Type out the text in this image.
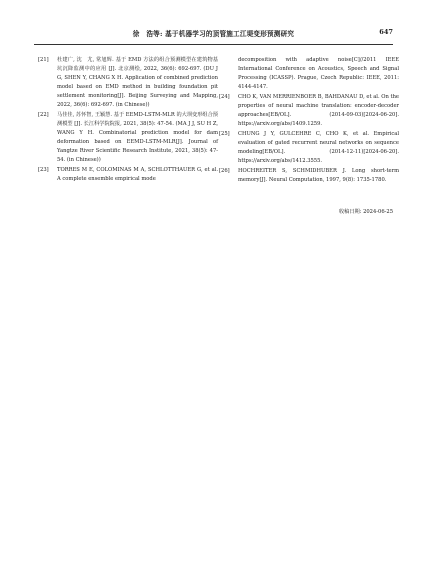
徐　浩等: 基于机器学习的顶管施工江堤变形预测研究	647
[21]	杜建广, 沈　尤, 常旭辉. 基于 EMD 方法的组合预测模型在建筑物基坑沉降监测中的应用 [J]. 北京测绘, 2022, 36(6): 692-697. (DU J G, SHEN Y, CHANG X H. Application of combined prediction model based on EMD method in building foundation pit settlement monitoring[J]. Beijing Surveying and Mapping, 2022, 36(6): 692-697. (in Chinese))
[22]	马佳佳, 苏怀智, 王颖慧. 基于 EEMD-LSTM-MLR 的大坝变形组合预测模型 [J]. 长江科学院院报, 2021, 38(5): 47-54. (MA J J, SU H Z, WANG Y H. Combinatorial prediction model for dam deformation based on EEMD-LSTM-MLR[J]. Journal of Yangtze River Scientific Research Institute, 2021, 38(5): 47-54. (in Chinese))
[23]	TORRES M E, COLOMINAS M A, SCHLOTTHAUER G, et al. A complete ensemble empirical mode
decomposition with adaptive noise[C]//2011 IEEE International Conference on Acoustics, Speech and Signal Processing (ICASSP). Prague, Czech Republic: IEEE, 2011: 4144-4147.
[24]	CHO K, VAN MERRIENBOER B, BAHDANAU D, et al. On the properties of neural machine translation: encoder-decoder approaches[EB/OL]. (2014-09-03)[2024-06-20]. https://arxiv.org/abs/1409.1259.
[25]	CHUNG J Y, GULCEHRE C, CHO K, et al. Empirical evaluation of gated recurrent neural networks on sequence modeling[EB/OL]. (2014-12-11)[2024-06-20]. https://arxiv.org/abs/1412.3555.
[26]	HOCHREITER S, SCHMIDHUBER J. Long short-term memory[J]. Neural Computation, 1997, 9(8): 1735-1780.
收稿日期: 2024-06-25
